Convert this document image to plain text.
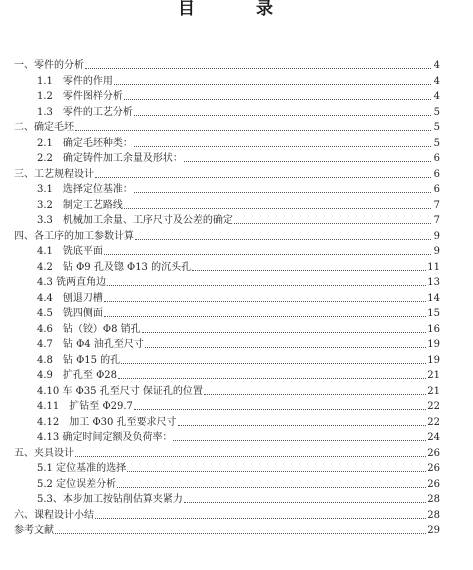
目　录
一、零件的分析	4
1.1　零件的作用	4
1.2　零件图样分析	4
1.3　零件的工艺分析	5
二、确定毛坯	5
2.1　确定毛坯种类：	5
2.2　确定铸件加工余量及形状：	6
三、工艺规程设计	6
3.1　选择定位基准：	6
3.2　制定工艺路线	7
3.3　机械加工余量、工序尺寸及公差的确定	7
四、各工序的加工参数计算	9
4.1　铣底平面	9
4.2　钻 Φ9 孔及锪 Φ13 的沉头孔	11
4.3 铣两直角边	13
4.4　刨退刀槽	14
4.5　铣四侧面	15
4.6　钻（铰）Φ8 销孔	16
4.7　钻 Φ4 油孔至尺寸	19
4.8　钻 Φ15 的孔	19
4.9　扩孔至 Φ28	21
4.10 车 Φ35 孔至尺寸 保证孔的位置	21
4.11　扩钻至 Φ29.7	22
4.12　加工 Φ30 孔至要求尺寸	22
4.13 确定时间定额及负荷率：	24
五、夹具设计	26
5.1 定位基准的选择	26
5.2 定位误差分析	26
5.3、本步加工按钻削估算夹紧力	28
六、课程设计小结	28
参考文献	29
